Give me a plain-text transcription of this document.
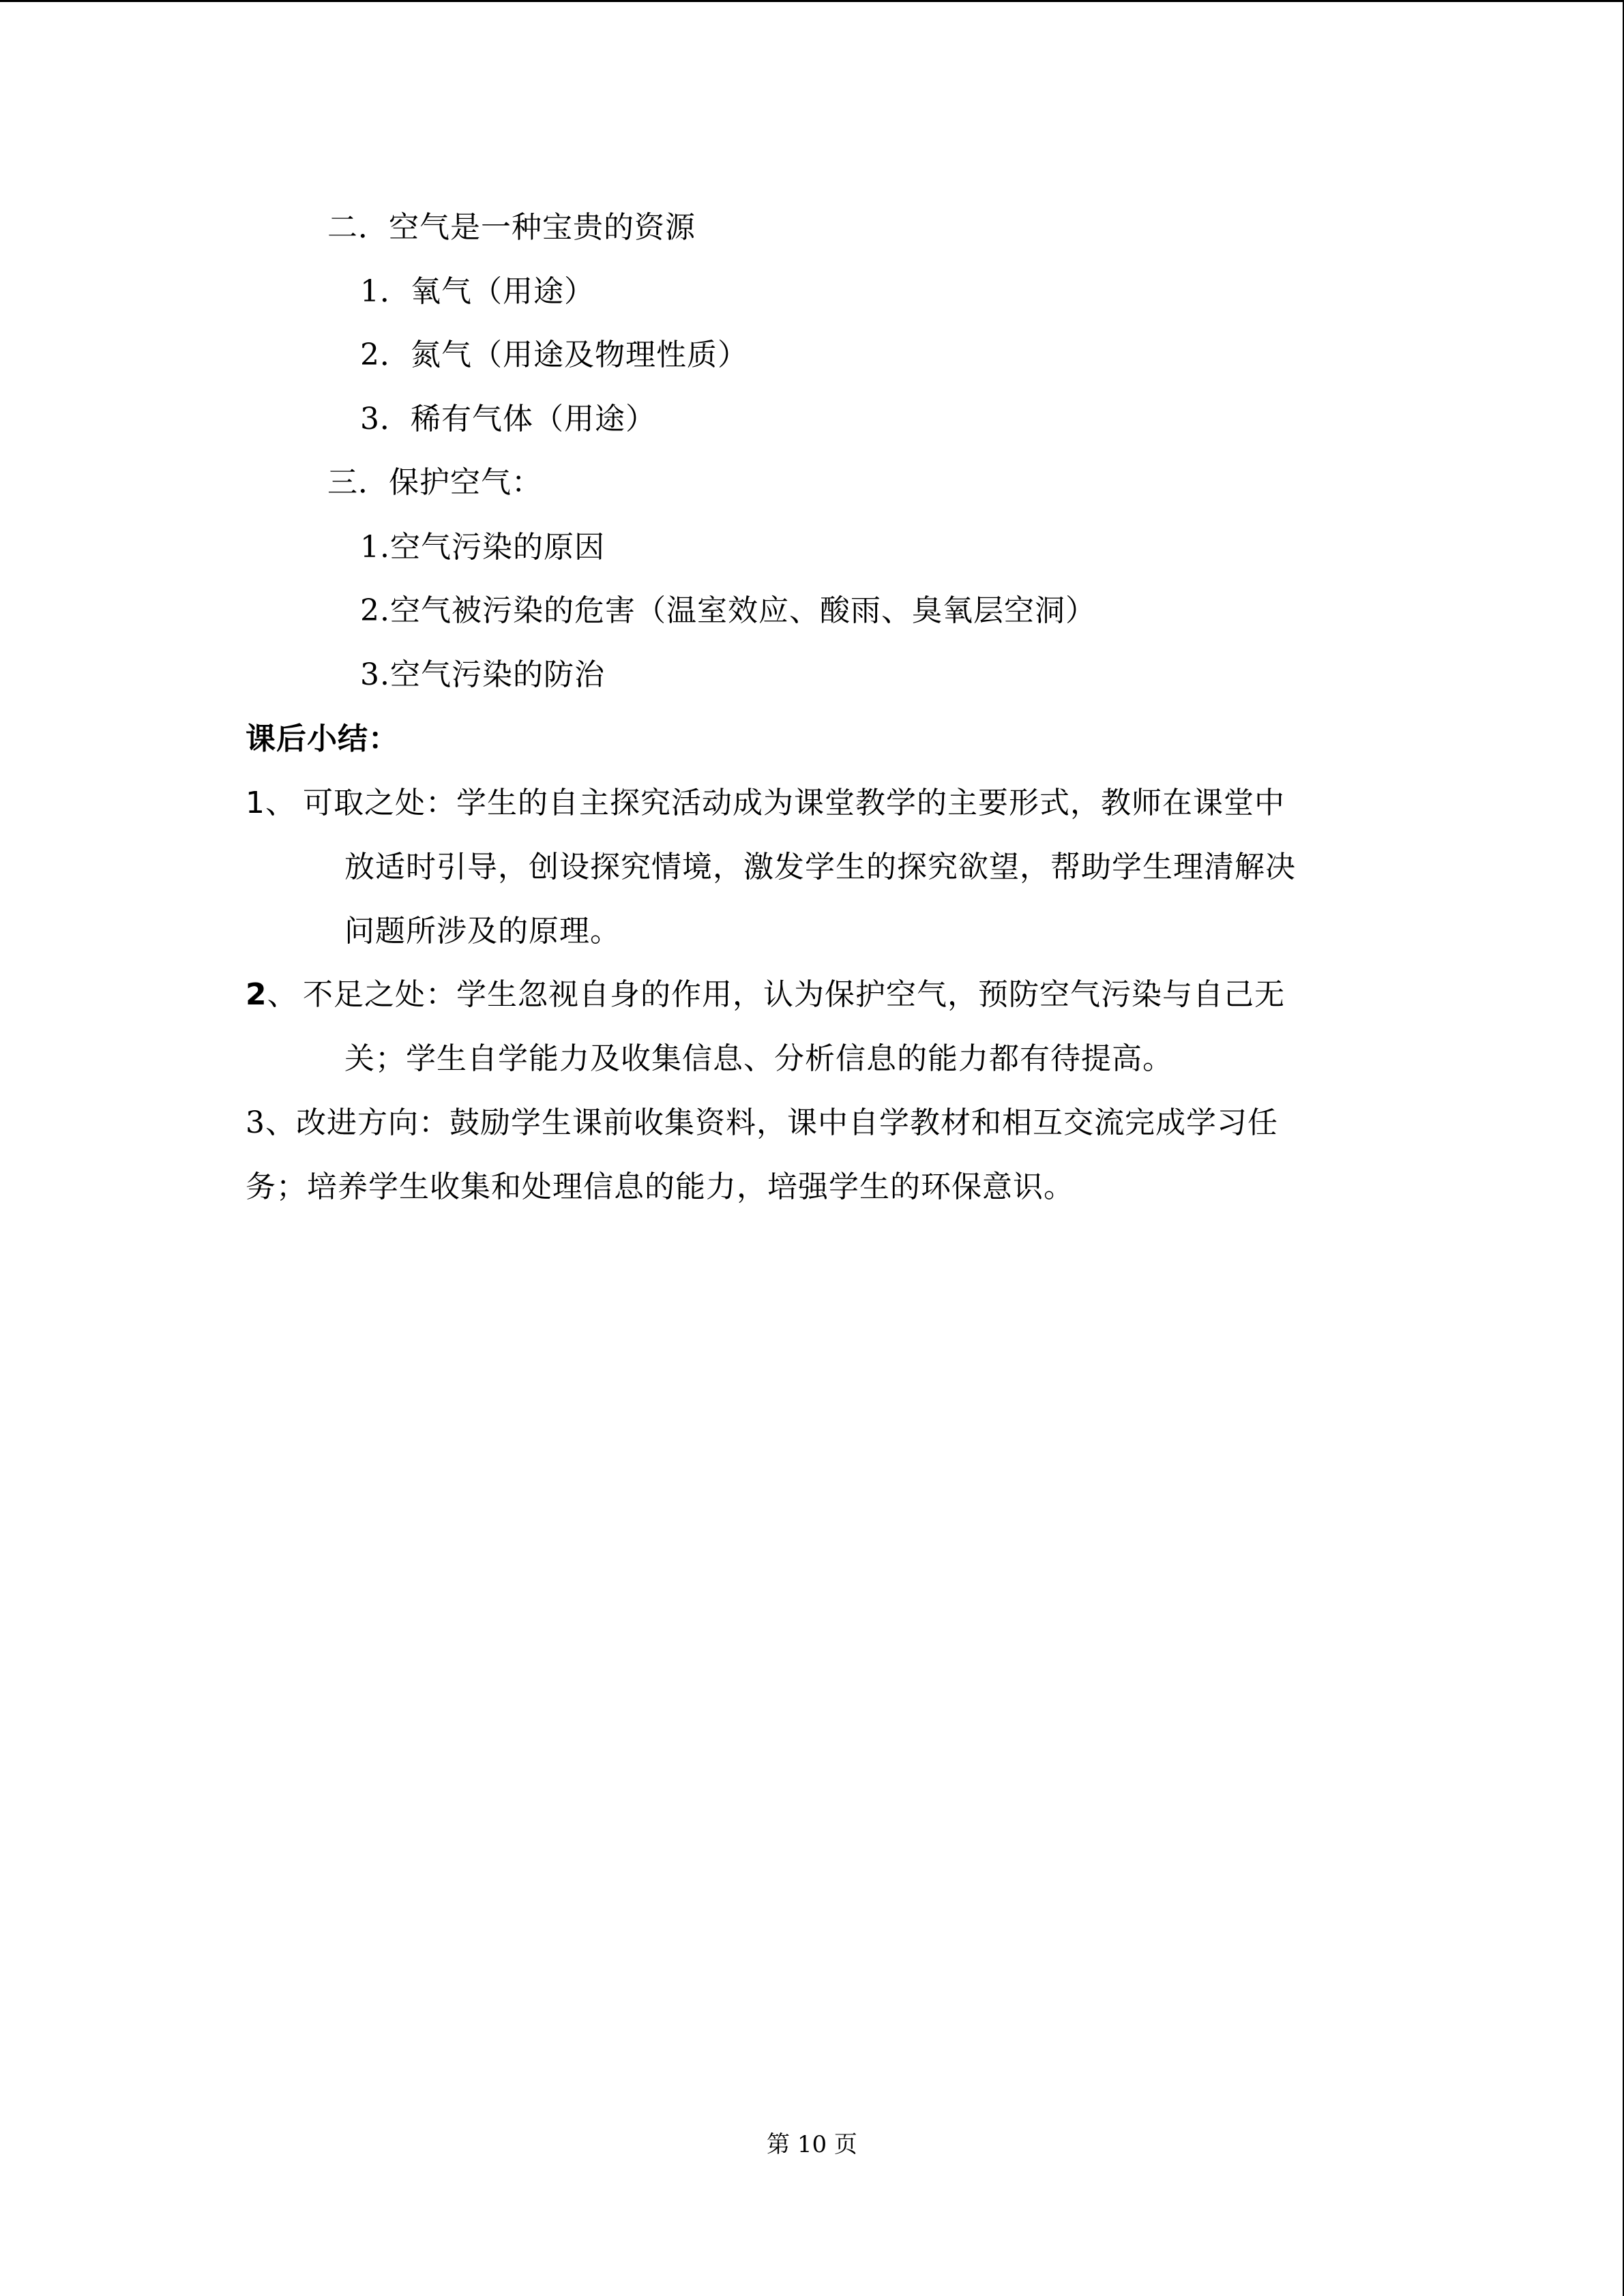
二．空气是一种宝贵的资源
1．氧气（用途）
2．氮气（用途及物理性质）
3．稀有气体（用途）
三．保护空气：
1.空气污染的原因
2.空气被污染的危害（温室效应、酸雨、臭氧层空洞）
3.空气污染的防治
课后小结：
1、 可取之处：学生的自主探究活动成为课堂教学的主要形式，教师在课堂中
放适时引导，创设探究情境，激发学生的探究欲望，帮助学生理清解决
问题所涉及的原理。
2、 不足之处：学生忽视自身的作用，认为保护空气，预防空气污染与自己无
关；学生自学能力及收集信息、分析信息的能力都有待提高。
3、改进方向：鼓励学生课前收集资料，课中自学教材和相互交流完成学习任
务；培养学生收集和处理信息的能力，培强学生的环保意识。
第 10 页
